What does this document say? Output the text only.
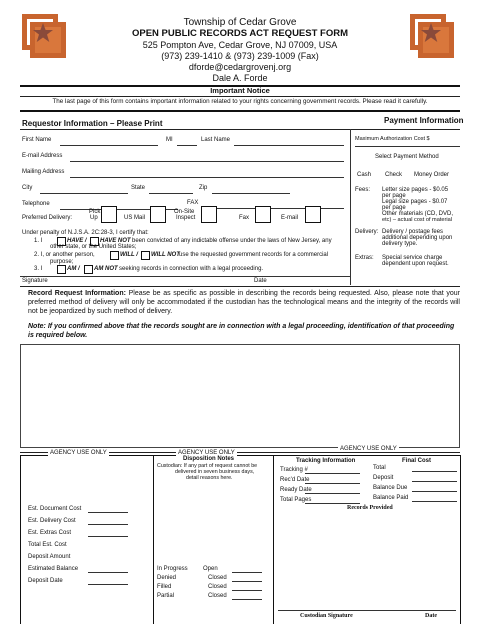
Township of Cedar Grove
OPEN PUBLIC RECORDS ACT REQUEST FORM
525 Pompton Ave, Cedar Grove, NJ 07009, USA
(973) 239-1410 & (973) 239-1009 (Fax)
dforde@cedargrovenj.org
Dale A. Forde
Important Notice
The last page of this form contains important information related to your rights concerning government records. Please read it carefully.
Requestor Information – Please Print	Payment Information
First Name	MI	Last Name
E-mail Address
Mailing Address
City	State	Zip
Telephone	FAX
Preferred Delivery:
Pick
Up	US Mail
On-Site
Inspect	Fax	E-mail
Under penalty of N.J.S.A. 2C:28-3, I certify that:
1. I	HAVE / HAVE NOT been convicted of any indictable offense under the laws of New Jersey, any
other state, or the United States;
2. I, or another person,	WILL / WILL NOT use the requested government records for a commercial
purpose;
3. I	AM / AM NOT seeking records in connection with a legal proceeding.
Signature	Date
Maximum Authorization Cost $
Select Payment Method
Cash Check Money Order
Fees: Letter size pages - $0.05
per page
Legal size pages - $0.07
per page
Other materials (CD, DVD,
etc) – actual cost of material
Delivery: Delivery / postage fees
additional depending upon
delivery type.
Extras: Special service charge
dependent upon request.
Record Request Information: Please be as specific as possible in describing the records being requested. Also, please note that your preferred method of delivery will only be accommodated if the custodian has the technological means and the integrity of the records will not be jeopardized by such method of delivery.
Note: If you confirmed above that the records sought are in connection with a legal proceeding, identification of that proceeding is required below.
AGENCY USE ONLY	AGENCY USE ONLY
AGENCY USE ONLY
Est. Document Cost
Est. Delivery Cost
Est. Extras Cost
Total Est. Cost
Deposit Amount
Estimated Balance
Deposit Date
Disposition Notes
Custodian: If any part of request cannot be
delivered in seven business days,
detail reasons here.
In Progress	Open
Denied	Closed
Filled	Closed
Partial	Closed
Tracking Information	Final Cost
Tracking #
Rec'd Date
Ready Date
Total Pages
Total
Deposit
Balance Due
Balance Paid
Records Provided
Custodian Signature	Date
